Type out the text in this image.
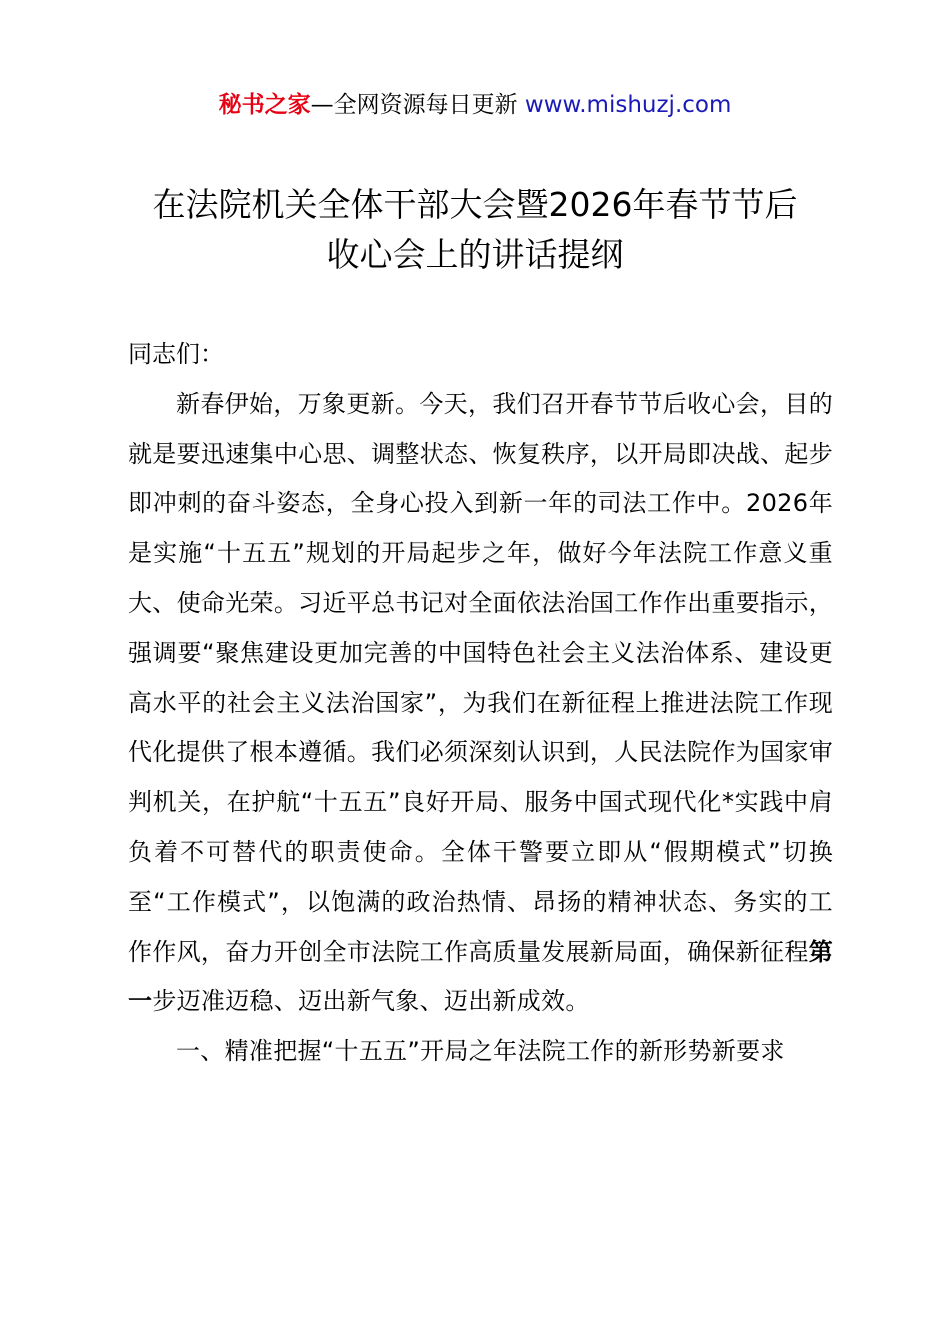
秘书之家—全网资源每日更新 www.mishuzj.com
在法院机关全体干部大会暨2026年春节节后
收心会上的讲话提纲

同志们：

新春伊始，万象更新。今天，我们召开春节节后收心会，目的就是要迅速集中心思、调整状态、恢复秩序，以开局即决战、起步即冲刺的奋斗姿态，全身心投入到新一年的司法工作中。2026年是实施“十五五”规划的开局起步之年，做好今年法院工作意义重大、使命光荣。习近平总书记对全面依法治国工作作出重要指示，强调要“聚焦建设更加完善的中国特色社会主义法治体系、建设更高水平的社会主义法治国家”，为我们在新征程上推进法院工作现代化提供了根本遵循。我们必须深刻认识到，人民法院作为国家审判机关，在护航“十五五”良好开局、服务中国式现代化*实践中肩负着不可替代的职责使命。全体干警要立即从“假期模式”切换至“工作模式”，以饱满的政治热情、昂扬的精神状态、务实的工作作风，奋力开创全市法院工作高质量发展新局面，确保新征程第一步迈准迈稳、迈出新气象、迈出新成效。

一、精准把握“十五五”开局之年法院工作的新形势新要求
